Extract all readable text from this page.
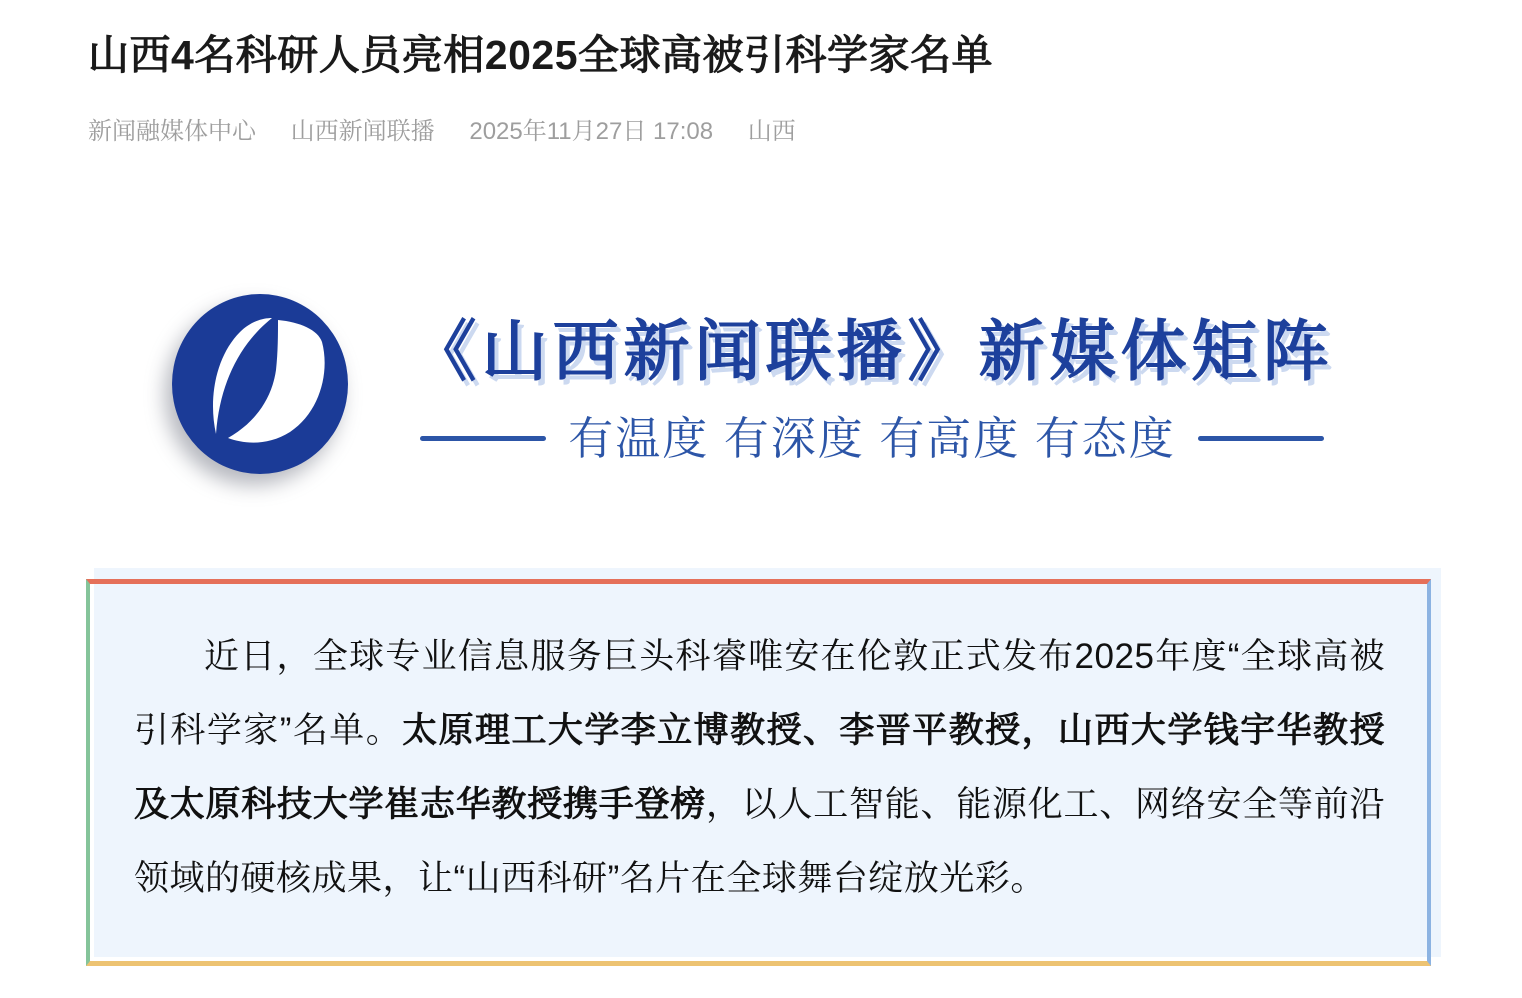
山西4名科研人员亮相2025全球高被引科学家名单
新闻融媒体中心 山西新闻联播 2025年11月27日 17:08 山西
《山西新闻联播》新媒体矩阵
有温度 有深度 有高度 有态度

近日，全球专业信息服务巨头科睿唯安在伦敦正式发布2025年度“全球高被引科学家”名单。太原理工大学李立博教授、李晋平教授，山西大学钱宇华教授及太原科技大学崔志华教授携手登榜，以人工智能、能源化工、网络安全等前沿领域的硬核成果，让“山西科研”名片在全球舞台绽放光彩。
